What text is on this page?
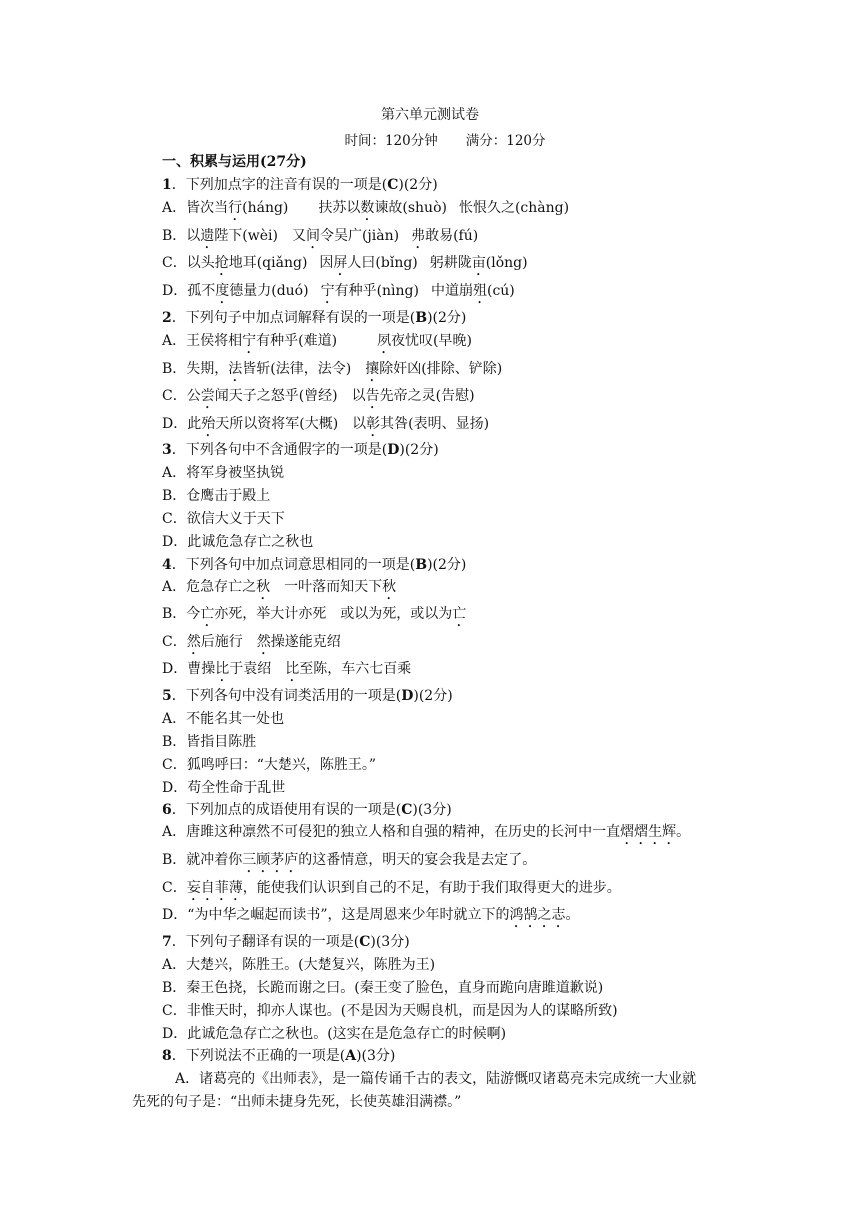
第六单元测试卷
时间：120分钟 满分：120分
一、积累与运用(27分)
1．下列加点字的注音有误的一项是(C)(2分)
A．皆次当行(háng) 扶苏以数谏故(shuò) 怅恨久之(chàng)
B．以遗陛下(wèi) 又间令吴广(jiàn) 弗敢易(fú)
C．以头抢地耳(qiǎng) 因屏人曰(bǐng) 躬耕陇亩(lǒng)
D．孤不度德量力(duó) 宁有种乎(nìng) 中道崩殂(cú)
2．下列句子中加点词解释有误的一项是(B)(2分)
A．王侯将相宁有种乎(难道)	夙夜忧叹(早晚)
B．失期，法皆斩(法律，法令) 攘除奸凶(排除、铲除)
C．公尝闻天子之怒乎(曾经) 以告先帝之灵(告慰)
D．此殆天所以资将军(大概) 以彰其咎(表明、显扬)
3．下列各句中不含通假字的一项是(D)(2分)
A．将军身被坚执锐
B．仓鹰击于殿上
C．欲信大义于天下
D．此诚危急存亡之秋也
4．下列各句中加点词意思相同的一项是(B)(2分)
A．危急存亡之秋 一叶落而知天下秋
B．今亡亦死，举大计亦死 或以为死，或以为亡
C．然后施行 然操遂能克绍
D．曹操比于袁绍 比至陈，车六七百乘
5．下列各句中没有词类活用的一项是(D)(2分)
A．不能名其一处也
B．皆指目陈胜
C．狐鸣呼曰：“大楚兴，陈胜王。”
D．苟全性命于乱世
6．下列加点的成语使用有误的一项是(C)(3分)
A．唐雎这种凛然不可侵犯的独立人格和自强的精神，在历史的长河中一直熠熠生辉。
B．就冲着你三顾茅庐的这番情意，明天的宴会我是去定了。
C．妄自菲薄，能使我们认识到自己的不足，有助于我们取得更大的进步。
D．“为中华之崛起而读书”，这是周恩来少年时就立下的鸿鹄之志。
7．下列句子翻译有误的一项是(C)(3分)
A．大楚兴，陈胜王。(大楚复兴，陈胜为王)
B．秦王色挠，长跪而谢之曰。(秦王变了脸色，直身而跪向唐雎道歉说)
C．非惟天时，抑亦人谋也。(不是因为天赐良机，而是因为人的谋略所致)
D．此诚危急存亡之秋也。(这实在是危急存亡的时候啊)
8．下列说法不正确的一项是(A)(3分)
A．诸葛亮的《出师表》，是一篇传诵千古的表文，陆游慨叹诸葛亮未完成统一大业就
先死的句子是：“出师未捷身先死，长使英雄泪满襟。”
